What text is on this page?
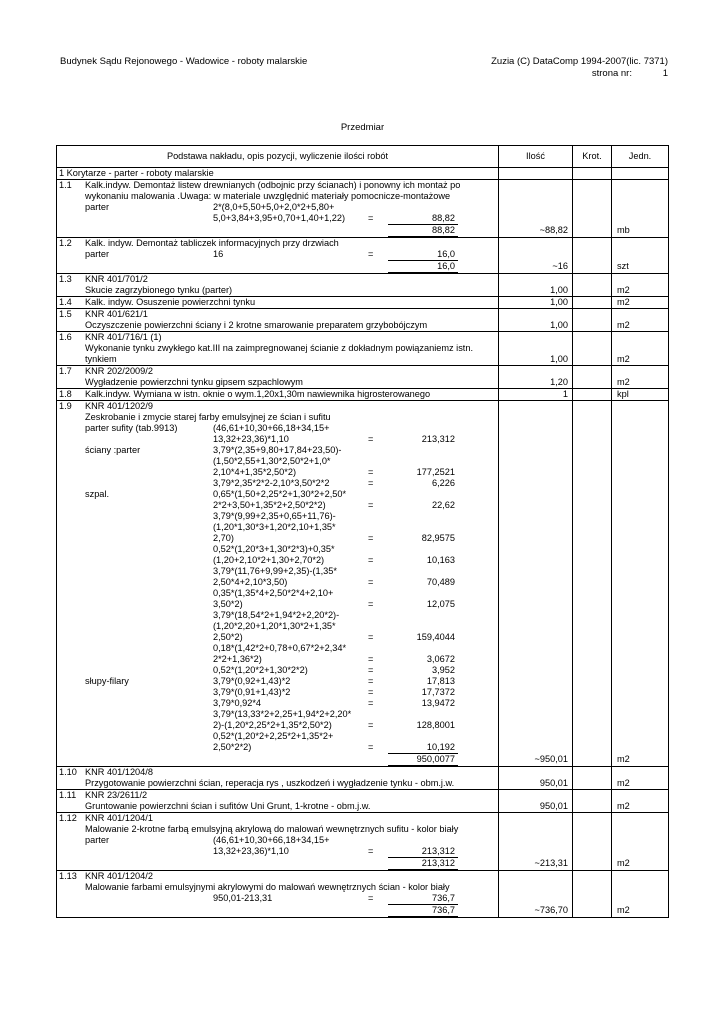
Budynek Sądu Rejonowego - Wadowice - roboty malarskie	Zuzia (C) DataComp 1994-2007(lic. 7371)
strona nr:	1
Przedmiar
Podstawa nakładu, opis pozycji, wyliczenie ilości robót	Ilość	Krot.	Jedn.
1 Korytarze - parter - roboty malarskie			
1.1 Kalk.indyw. Demontaż listew drewnianych (odbojnic przy ścianach) i ponowny ich montaż po			

wykonaniu malowania .Uwaga: w materiale uwzględnić materiały pomocnicze-montażowe			

parter 2*(8,0+5,50+5,0+2,0*2+5,80+			

5,0+3,84+3,95+0,70+1,40+1,22) = 88,82			

88,82	~88,82		mb
1.2 Kalk. indyw. Demontaż tabliczek informacyjnych przy drzwiach			

parter 16 = 16,0			

16,0	~16		szt
1.3 KNR 401/701/2			

Skucie zagrzybionego tynku (parter)	1,00		m2
1.4 Kalk. indyw. Osuszenie powierzchni tynku	1,00		m2
1.5 KNR 401/621/1			

Oczyszczenie powierzchni ściany i 2 krotne smarowanie preparatem grzybobójczym	1,00		m2
1.6 KNR 401/716/1 (1)			

Wykonanie tynku zwykłego kat.III na zaimpregnowanej ścianie z dokładnym powiązaniemz istn.			

tynkiem	1,00		m2
1.7 KNR 202/2009/2			

Wygładzenie powierzchni tynku gipsem szpachlowym	1,20		m2
1.8 Kalk.indyw. Wymiana w istn. oknie o wym.1,20x1,30m nawiewnika higrosterowanego	1		kpl
1.9 KNR 401/1202/9			

Zeskrobanie i zmycie starej farby emulsyjnej ze ścian i sufitu			

parter sufity (tab.9913) (46,61+10,30+66,18+34,15+			

13,32+23,36)*1,10 = 213,312			

ściany :parter 3,79*(2,35+9,80+17,84+23,50)-			

(1,50*2,55+1,30*2,50*2+1,0*			

2,10*4+1,35*2,50*2) = 177,2521			

3,79*2,35*2*2-2,10*3,50*2*2 = 6,226			

szpal. 0,65*(1,50+2,25*2+1,30*2+2,50*			

2*2+3,50+1,35*2+2,50*2*2) = 22,62			

3,79*(9,99+2,35+0,65+11,76)-			

(1,20*1,30*3+1,20*2,10+1,35*			

2,70) = 82,9575			

0,52*(1,20*3+1,30*2*3)+0,35*			

(1,20+2,10*2+1,30+2,70*2) = 10,163			

3,79*(11,76+9,99+2,35)-(1,35*			

2,50*4+2,10*3,50) = 70,489			

0,35*(1,35*4+2,50*2*4+2,10+			

3,50*2) = 12,075			

3,79*(18,54*2+1,94*2+2,20*2)-			

(1,20*2,20+1,20*1,30*2+1,35*			

2,50*2) = 159,4044			

0,18*(1,42*2+0,78+0,67*2+2,34*			

2*2+1,36*2) = 3,0672			

0,52*(1,20*2+1,30*2*2) = 3,952			

słupy-filary 3,79*(0,92+1,43)*2 = 17,813			

3,79*(0,91+1,43)*2 = 17,7372			

3,79*0,92*4 = 13,9472			

3,79*(13,33*2+2,25+1,94*2+2,20*			

2)-(1,20*2,25*2+1,35*2,50*2) = 128,8001			

0,52*(1,20*2+2,25*2+1,35*2+			

2,50*2*2) = 10,192			

950,0077	~950,01		m2
1.10 KNR 401/1204/8			

Przygotowanie powierzchni ścian, reperacja rys , uszkodzeń i wygładzenie tynku - obm.j.w.	950,01		m2
1.11 KNR 23/2611/2			

Gruntowanie powierzchni ścian i sufitów Uni Grunt, 1-krotne - obm.j.w.	950,01		m2
1.12 KNR 401/1204/1			

Malowanie 2-krotne farbą emulsyjną akrylową do malowań wewnętrznych sufitu - kolor biały			

parter (46,61+10,30+66,18+34,15+			

13,32+23,36)*1,10 = 213,312			

213,312	~213,31		m2
1.13 KNR 401/1204/2			

Malowanie farbami emulsyjnymi akrylowymi do malowań wewnętrznych ścian - kolor biały			

950,01-213,31 = 736,7			

736,7	~736,70		m2
